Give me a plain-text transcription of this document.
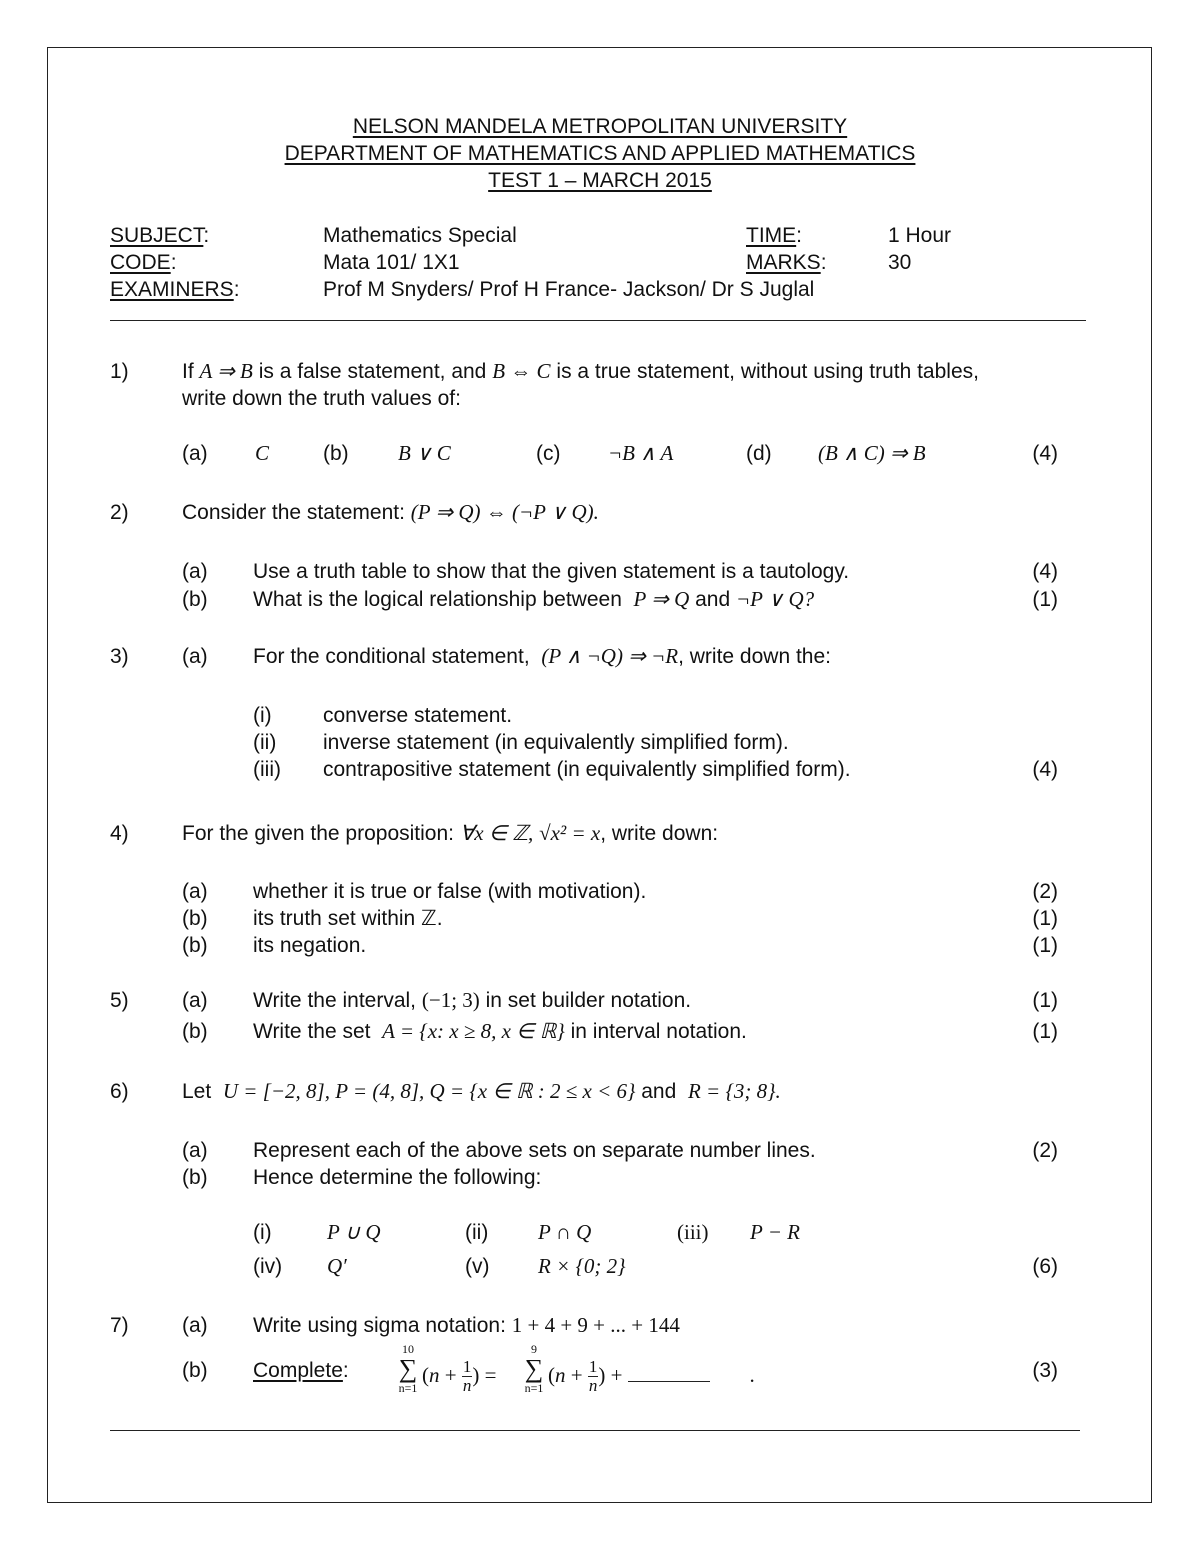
NELSON MANDELA METROPOLITAN UNIVERSITY
DEPARTMENT OF MATHEMATICS AND APPLIED MATHEMATICS
TEST 1 – MARCH 2015
SUBJECT:	Mathematics Special	TIME:	1 Hour
CODE:	Mata 101/ 1X1	MARKS:	30
EXAMINERS:	Prof M Snyders/ Prof H France- Jackson/ Dr S Juglal
1)	If A ⇒ B is a false statement, and B ⇔ C is a true statement, without using truth tables,
write down the truth values of:
(a) C	(b) B ∨ C	(c) ¬B ∧ A	(d) (B ∧ C) ⇒ B	(4)
2)	Consider the statement: (P ⇒ Q) ⇔ (¬P ∨ Q).
(a) Use a truth table to show that the given statement is a tautology.	(4)
(b) What is the logical relationship between P ⇒ Q and ¬P ∨ Q?	(1)
3)	(a) For the conditional statement, (P ∧ ¬Q) ⇒ ¬R, write down the:
(i) converse statement.
(ii) inverse statement (in equivalently simplified form).
(iii) contrapositive statement (in equivalently simplified form).	(4)
4)	For the given the proposition: ∀x ∈ ℤ, √x² = x, write down:
(a) whether it is true or false (with motivation).	(2)
(b) its truth set within ℤ.	(1)
(b) its negation.	(1)
5)	(a) Write the interval, (−1; 3) in set builder notation.	(1)
(b) Write the set A = {x: x ≥ 8, x ∈ ℝ} in interval notation.	(1)
6)	Let U = [−2, 8], P = (4, 8], Q = {x ∈ ℝ : 2 ≤ x < 6} and R = {3; 8}.
(a) Represent each of the above sets on separate number lines.	(2)
(b) Hence determine the following:
(i)	P ∪ Q	(ii) P ∩ Q	(iii) P − R
(iv) Q′	(v) R × {0; 2}	(6)
7)	(a) Write using sigma notation: 1 + 4 + 9 + ... + 144
(b) Complete:
10
∑
n=1
($n + \frac{1}{n}$ ) =
9
∑
n=1
($n + \frac{1}{n}$ ) +	.	(3)
